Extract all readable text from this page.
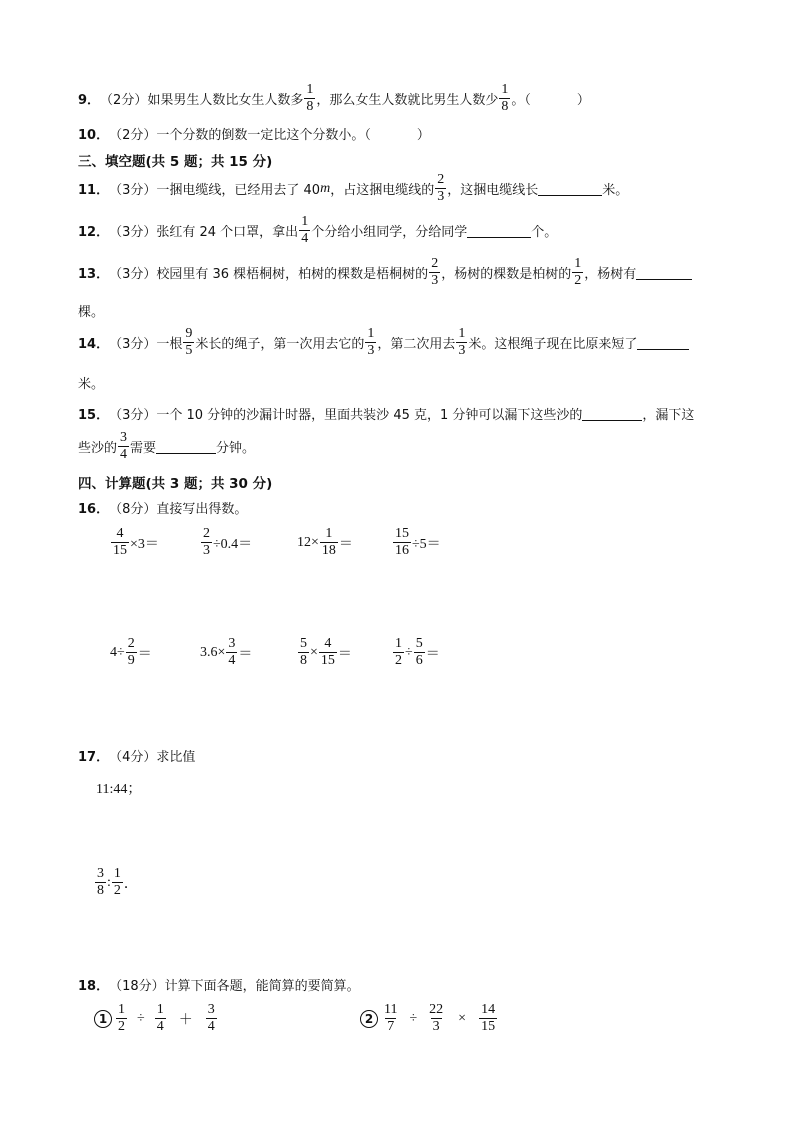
9． （2分） 如果男生人数比女生人数多 $\frac{1}{8}$ ，那么女生人数就比男生人数少 $\frac{1}{8}$ 。（	）
10． （2分） 一个分数的倒数一定比这个分数小。（	）
三、填空题(共 5 题；共 15 分)
11． （3分） 一捆电缆线，已经用去了 40 m ，占这捆电缆线的 $\frac{2}{3}$ ，这捆电缆线长	米。
12． （3分） 张红有 24 个口罩，拿出 $\frac{1}{4}$ 个分给小组同学，分给同学	个。
13． （3分） 校园里有 36 棵梧桐树，柏树的棵数是梧桐树的 $\frac{2}{3}$ ，杨树的棵数是柏树的 $\frac{1}{2}$ ，杨树有
棵。
14． （3分） 一根 $\frac{9}{5}$ 米长的绳子，第一次用去它的 $\frac{1}{3}$ ，第二次用去 $\frac{1}{3}$ 米。这根绳子现在比原来短了
米。
15． （3分） 一个 10 分钟的沙漏计时器，里面共装沙 45 克，1 分钟可以漏下这些沙的	，漏下这
些沙的 $\frac{3}{4}$ 需要	分钟。
四、计算题(共 3 题；共 30 分)
16． （8分） 直接写出得数。
$\frac{4}{15} \times 3=$	$\frac{2}{3} \div 0.4=$	$12\times \frac{1}{18}$ ＝	$\frac{15}{16} \div 5=$
$4\div \frac{2}{9}$ ＝	$3.6\times \frac{3}{4}$ ＝	$\frac{5}{8} \times \frac{4}{15}$ ＝	$\frac{1}{2} \div \frac{5}{6}$ ＝
17． （4分） 求比值
11:44；
$\frac{3}{8}$ : $\frac{1}{2}$ ．
18． （18分） 计算下面各题，能简算的要简算。
$1 \frac{1}{2} \div \frac{1}{4} + \frac{3}{4}$	$2 \frac{11}{7} \div \frac{22}{3} \times \frac{14}{15}$
